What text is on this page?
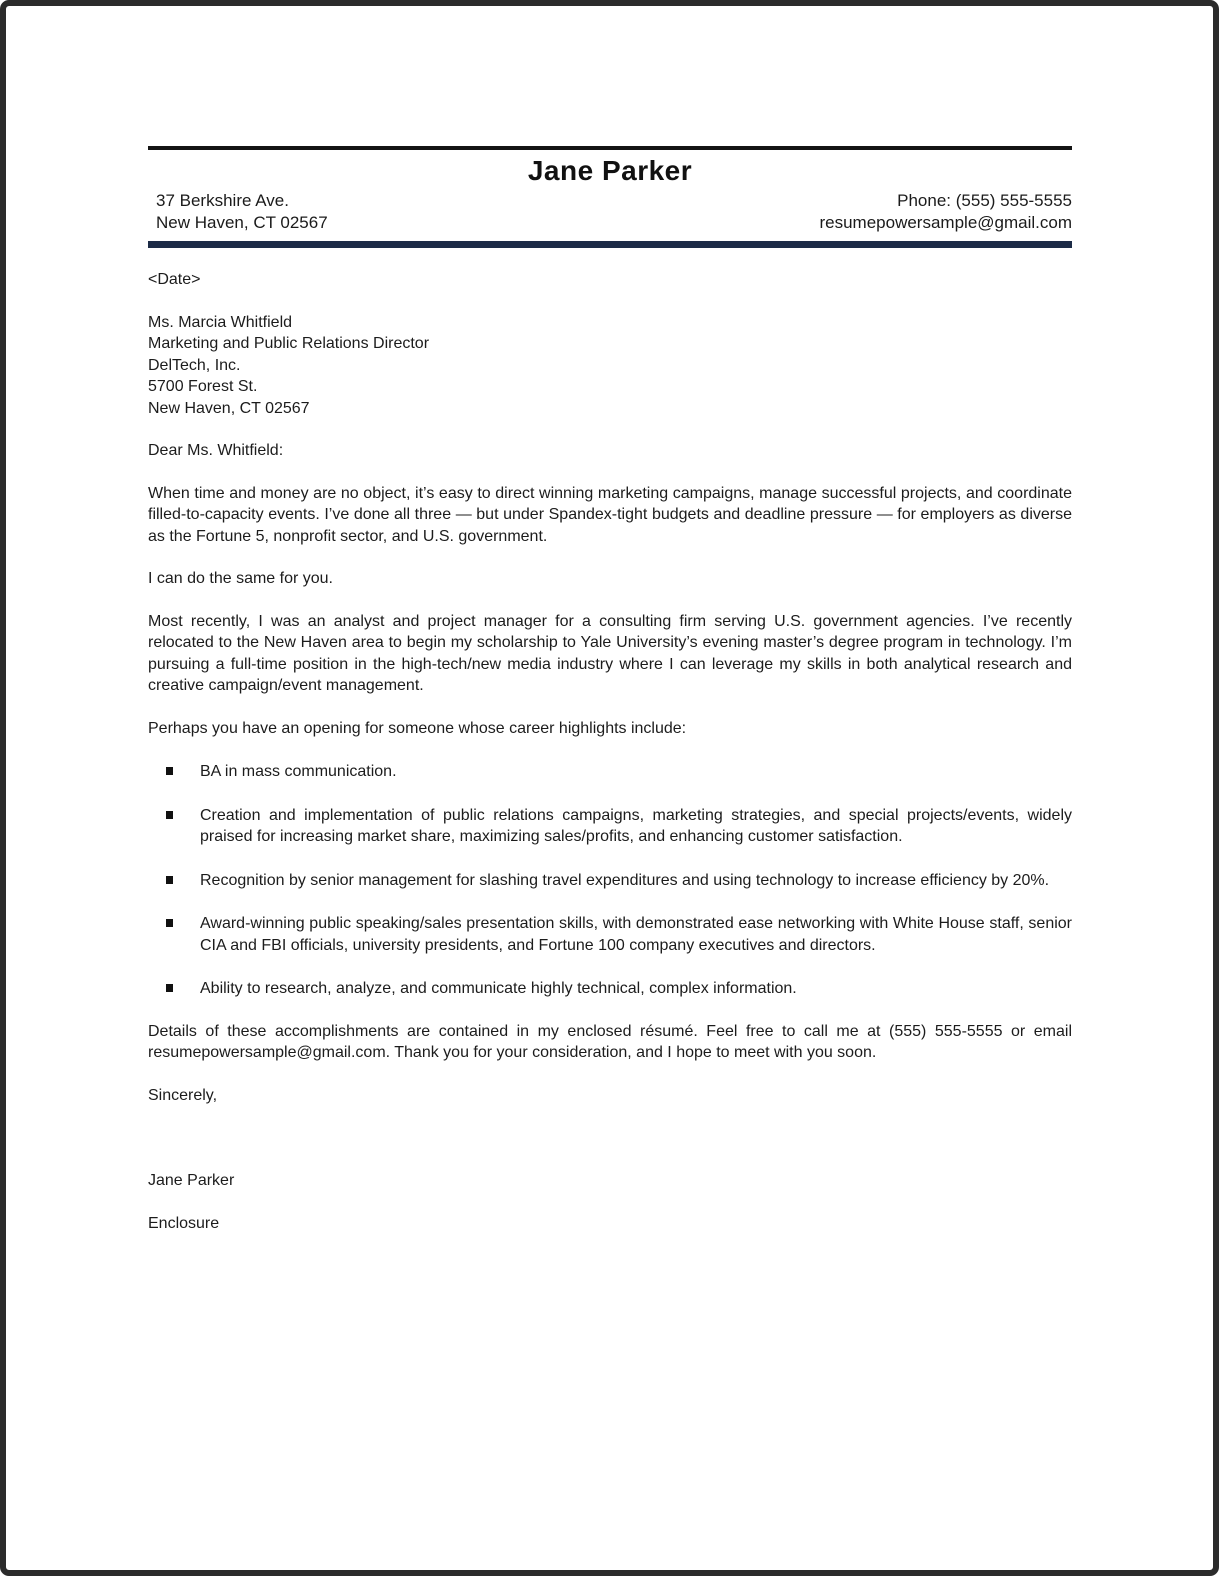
Jane Parker
37 Berkshire Ave.
New Haven, CT 02567
Phone: (555) 555-5555
resumepowersample@gmail.com

<Date>

Ms. Marcia Whitfield
Marketing and Public Relations Director
DelTech, Inc.
5700 Forest St.
New Haven, CT 02567

Dear Ms. Whitfield:

When time and money are no object, it’s easy to direct winning marketing campaigns, manage successful projects, and coordinate filled-to-capacity events. I’ve done all three — but under Spandex-tight budgets and deadline pressure — for employers as diverse as the Fortune 5, nonprofit sector, and U.S. government.

I can do the same for you.

Most recently, I was an analyst and project manager for a consulting firm serving U.S. government agencies. I’ve recently relocated to the New Haven area to begin my scholarship to Yale University’s evening master’s degree program in technology. I’m pursuing a full-time position in the high-tech/new media industry where I can leverage my skills in both analytical research and creative campaign/event management.

Perhaps you have an opening for someone whose career highlights include:

BA in mass communication.
Creation and implementation of public relations campaigns, marketing strategies, and special projects/events, widely praised for increasing market share, maximizing sales/profits, and enhancing customer satisfaction.
Recognition by senior management for slashing travel expenditures and using technology to increase efficiency by 20%.
Award-winning public speaking/sales presentation skills, with demonstrated ease networking with White House staff, senior CIA and FBI officials, university presidents, and Fortune 100 company executives and directors.
Ability to research, analyze, and communicate highly technical, complex information.

Details of these accomplishments are contained in my enclosed résumé. Feel free to call me at (555) 555-5555 or email resumepowersample@gmail.com. Thank you for your consideration, and I hope to meet with you soon.

Sincerely,

Jane Parker

Enclosure
